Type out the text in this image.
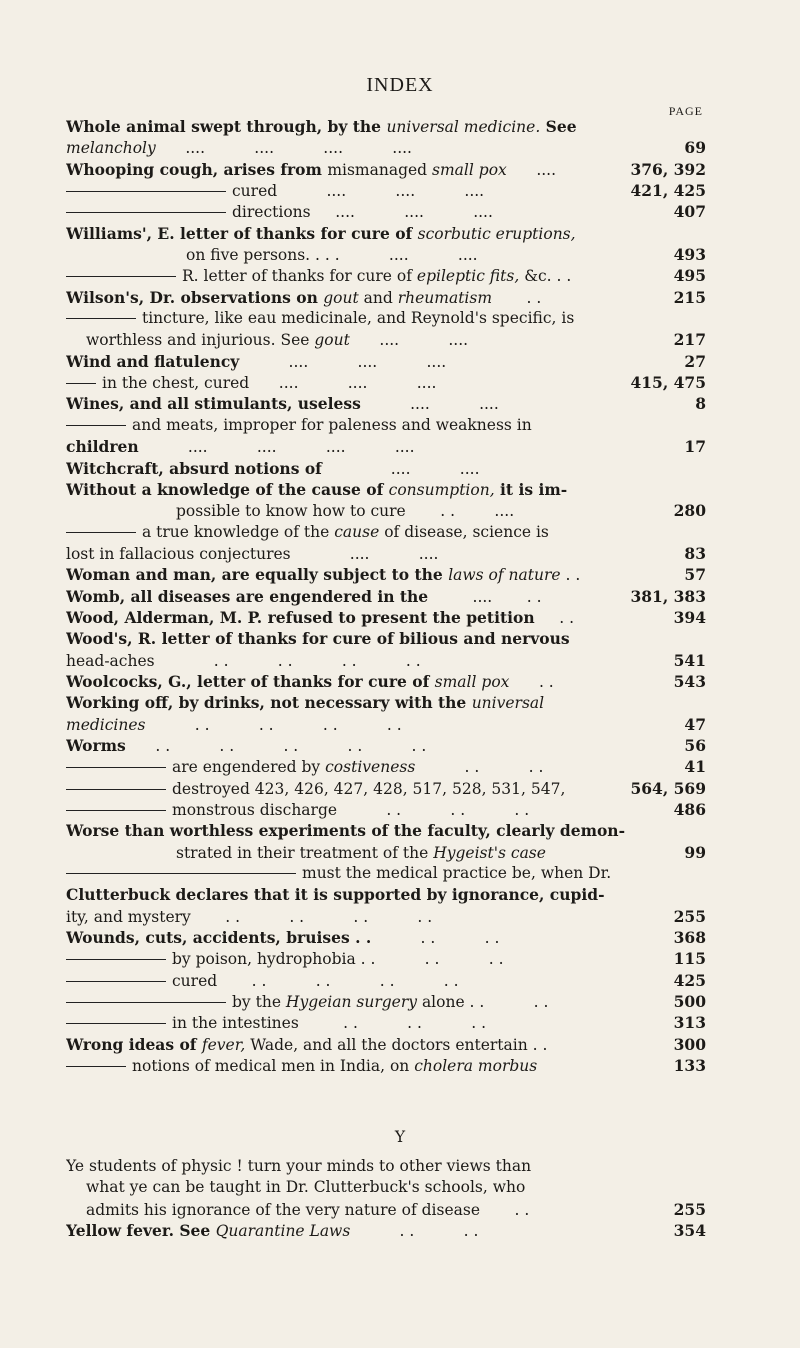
INDEX
PAGE
Whole animal swept through, by the universal medicine. See
melancholy      ....          ....          ....          ....	69
Whooping cough, arises from mismanaged small pox      ....	376, 392
cured          ....          ....          ....	421, 425
directions     ....          ....          ....	407
Williams', E. letter of thanks for cure of scorbutic eruptions,
on five persons. . . .          ....          ....	493
R. letter of thanks for cure of epileptic fits, &c. . .	495
Wilson's, Dr. observations on gout and rheumatism       . .	215
tincture, like eau medicinale, and Reynold's specific, is
worthless and injurious. See gout      ....          ....	217
Wind and flatulency          ....          ....          ....	27
in the chest, cured      ....          ....          ....	415, 475
Wines, and all stimulants, useless          ....          ....	8
and meats, improper for paleness and weakness in
children          ....          ....          ....          ....	17
Witchcraft, absurd notions of              ....          ....
Without a knowledge of the cause of consumption, it is im-
possible to know how to cure       . .        ....	280
a true knowledge of the cause of disease, science is
lost in fallacious conjectures            ....          ....	83
Woman and man, are equally subject to the laws of nature . .	57
Womb, all diseases are engendered in the         ....       . .	381, 383
Wood, Alderman, M. P. refused to present the petition     . .	394
Wood's, R. letter of thanks for cure of bilious and nervous
head-aches            . .          . .          . .          . .	541
Woolcocks, G., letter of thanks for cure of small pox      . .	543
Working off, by drinks, not necessary with the universal
medicines          . .          . .          . .          . .	47
Worms      . .          . .          . .          . .          . .	56
are engendered by costiveness          . .          . .	41
destroyed 423, 426, 427, 428, 517, 528, 531, 547,	564, 569
monstrous discharge          . .          . .          . .	486
Worse than worthless experiments of the faculty, clearly demon-
strated in their treatment of the Hygeist's case	99
must the medical practice be, when Dr.
Clutterbuck declares that it is supported by ignorance, cupid-
ity, and mystery       . .          . .          . .          . .	255
Wounds, cuts, accidents, bruises . .          . .          . .	368
by poison, hydrophobia . .          . .          . .	115
cured       . .          . .          . .          . .	425
by the Hygeian surgery alone . .          . .	500
in the intestines         . .          . .          . .	313
Wrong ideas of fever, Wade, and all the doctors entertain . .	300
notions of medical men in India, on cholera morbus	133
Y
Ye students of physic ! turn your minds to other views than
what ye can be taught in Dr. Clutterbuck's schools, who
admits his ignorance of the very nature of disease       . .	255
Yellow fever. See Quarantine Laws          . .          . .	354
